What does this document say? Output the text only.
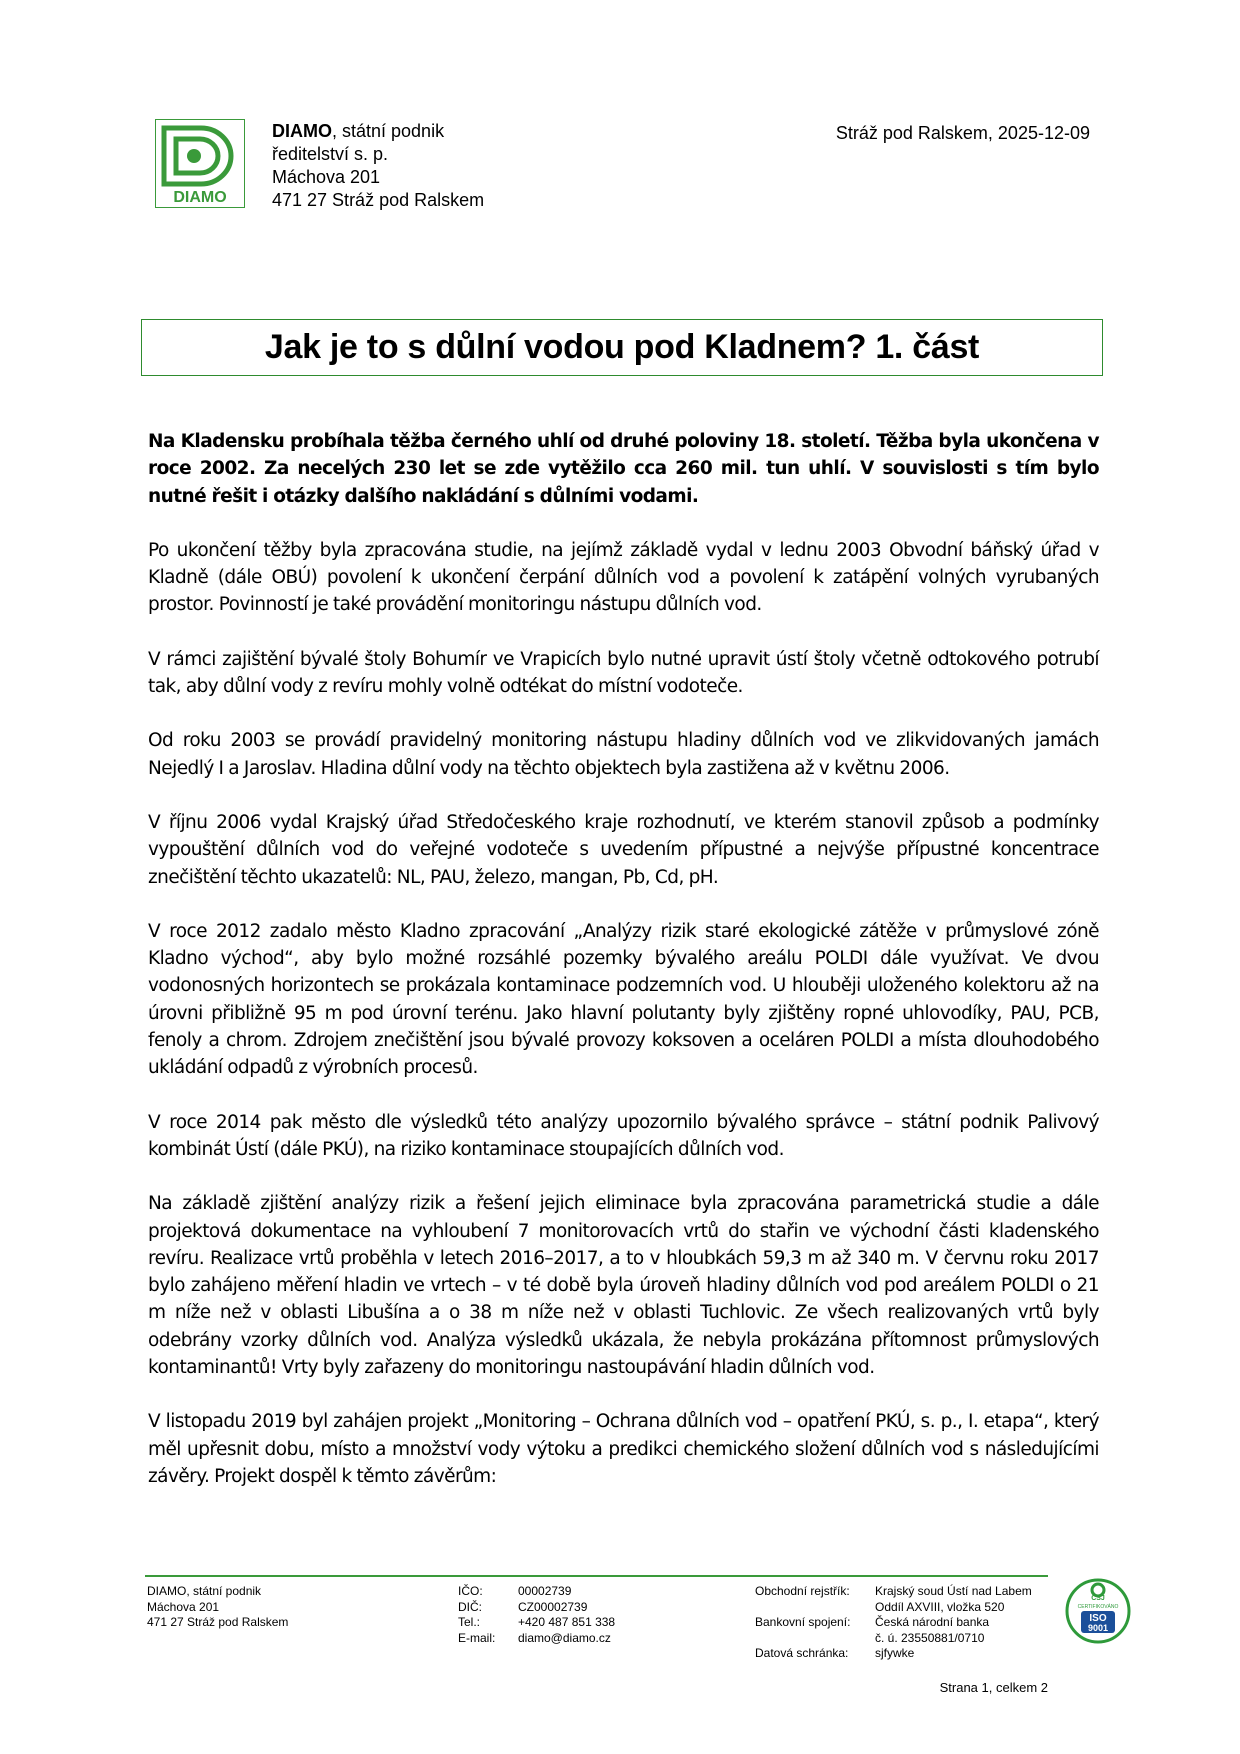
DIAMO
DIAMO, státní podnik
ředitelství s. p.
Máchova 201
471 27 Stráž pod Ralskem
Stráž pod Ralskem, 2025-12-09
Jak je to s důlní vodou pod Kladnem? 1. část

Na Kladensku probíhala těžba černého uhlí od druhé poloviny 18. století. Těžba byla ukončena v roce 2002. Za necelých 230 let se zde vytěžilo cca 260 mil. tun uhlí. V souvislosti s tím bylo nutné řešit i otázky dalšího nakládání s důlními vodami.

Po ukončení těžby byla zpracována studie, na jejímž základě vydal v lednu 2003 Obvodní báňský úřad v Kladně (dále OBÚ) povolení k ukončení čerpání důlních vod a povolení k zatápění volných vyrubaných prostor. Povinností je také provádění monitoringu nástupu důlních vod.

V rámci zajištění bývalé štoly Bohumír ve Vrapicích bylo nutné upravit ústí štoly včetně odtokového potrubí tak, aby důlní vody z revíru mohly volně odtékat do místní vodoteče.

Od roku 2003 se provádí pravidelný monitoring nástupu hladiny důlních vod ve zlikvidovaných jamách Nejedlý I a Jaroslav. Hladina důlní vody na těchto objektech byla zastižena až v květnu 2006.

V říjnu 2006 vydal Krajský úřad Středočeského kraje rozhodnutí, ve kterém stanovil způsob a podmínky vypouštění důlních vod do veřejné vodoteče s uvedením přípustné a nejvýše přípustné koncentrace znečištění těchto ukazatelů: NL, PAU, železo, mangan, Pb, Cd, pH.

V roce 2012 zadalo město Kladno zpracování „Analýzy rizik staré ekologické zátěže v průmyslové zóně Kladno východ“, aby bylo možné rozsáhlé pozemky bývalého areálu POLDI dále využívat. Ve dvou vodonosných horizontech se prokázala kontaminace podzemních vod. U hlouběji uloženého kolektoru až na úrovni přibližně 95 m pod úrovní terénu. Jako hlavní polutanty byly zjištěny ropné uhlovodíky, PAU, PCB, fenoly a chrom. Zdrojem znečištění jsou bývalé provozy koksoven a oceláren POLDI a místa dlouhodobého ukládání odpadů z výrobních procesů.

V roce 2014 pak město dle výsledků této analýzy upozornilo bývalého správce – státní podnik Palivový kombinát Ústí (dále PKÚ), na riziko kontaminace stoupajících důlních vod.

Na základě zjištění analýzy rizik a řešení jejich eliminace byla zpracována parametrická studie a dále projektová dokumentace na vyhloubení 7 monitorovacích vrtů do stařin ve východní části kladenského revíru. Realizace vrtů proběhla v letech 2016–2017, a to v hloubkách 59,3 m až 340 m. V červnu roku 2017 bylo zahájeno měření hladin ve vrtech – v té době byla úroveň hladiny důlních vod pod areálem POLDI o 21 m níže než v oblasti Libušína a o 38 m níže než v oblasti Tuchlovic. Ze všech realizovaných vrtů byly odebrány vzorky důlních vod. Analýza výsledků ukázala, že nebyla prokázána přítomnost průmyslových kontaminantů! Vrty byly zařazeny do monitoringu nastoupávání hladin důlních vod.

V listopadu 2019 byl zahájen projekt „Monitoring – Ochrana důlních vod – opatření PKÚ, s. p., I. etapa“, který měl upřesnit dobu, místo a množství vody výtoku a predikci chemického složení důlních vod s následujícími závěry. Projekt dospěl k těmto závěrům:

DIAMO, státní podnik
Máchova 201
471 27 Stráž pod Ralskem
IČO:	00002739
DIČ:	CZ00002739
Tel.:	+420 487 851 338
E-mail: diamo@diamo.cz
Obchodní rejstřík: Krajský soud Ústí nad Labem
Oddíl AXVIII, vložka 520
Bankovní spojení: Česká národní banka
č. ú. 23550881/0710
Datová schránka: sjfywke
CSJ
CERTIFIKOVÁNO
ISO
9001
Strana 1, celkem 2
